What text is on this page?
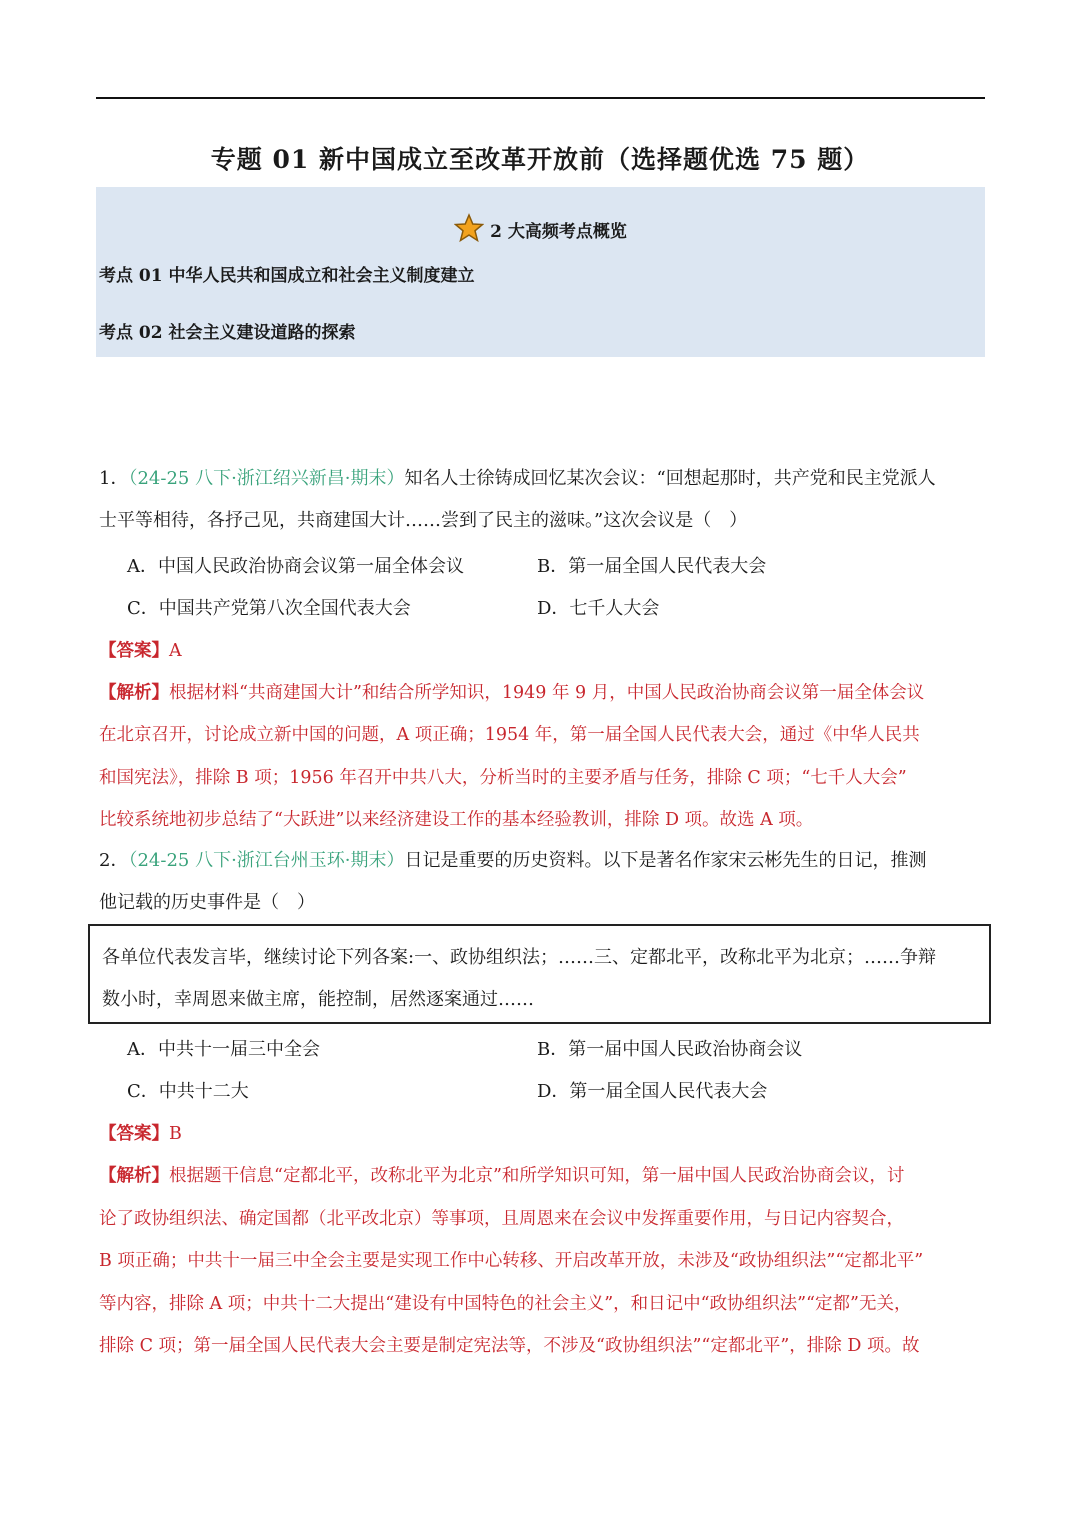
专题 01 新中国成立至改革开放前（选择题优选 75 题）
2 大高频考点概览
考点 01 中华人民共和国成立和社会主义制度建立
考点 02 社会主义建设道路的探索
1．（24-25 八下·浙江绍兴新昌·期末）知名人士徐铸成回忆某次会议：“回想起那时，共产党和民主党派人
士平等相待，各抒己见，共商建国大计……尝到了民主的滋味。”这次会议是（　）
A．中国人民政治协商会议第一届全体会议	B．第一届全国人民代表大会
C．中国共产党第八次全国代表大会	D．七千人大会
【答案】A
【解析】根据材料“共商建国大计”和结合所学知识，1949 年 9 月，中国人民政治协商会议第一届全体会议
在北京召开，讨论成立新中国的问题，A 项正确；1954 年，第一届全国人民代表大会，通过《中华人民共
和国宪法》，排除 B 项；1956 年召开中共八大，分析当时的主要矛盾与任务，排除 C 项；“七千人大会”
比较系统地初步总结了“大跃进”以来经济建设工作的基本经验教训，排除 D 项。故选 A 项。
2．（24-25 八下·浙江台州玉环·期末）日记是重要的历史资料。以下是著名作家宋云彬先生的日记，推测
他记载的历史事件是（　）
各单位代表发言毕，继续讨论下列各案:一、政协组织法；……三、定都北平，改称北平为北京；……争辩
数小时，幸周恩来做主席，能控制，居然逐案通过……
A．中共十一届三中全会	B．第一届中国人民政治协商会议
C．中共十二大	D．第一届全国人民代表大会
【答案】B
【解析】根据题干信息“定都北平，改称北平为北京”和所学知识可知，第一届中国人民政治协商会议，讨
论了政协组织法、确定国都（北平改北京）等事项，且周恩来在会议中发挥重要作用，与日记内容契合，
B 项正确；中共十一届三中全会主要是实现工作中心转移、开启改革开放，未涉及“政协组织法”“定都北平”
等内容，排除 A 项；中共十二大提出“建设有中国特色的社会主义”，和日记中“政协组织法”“定都”无关，
排除 C 项；第一届全国人民代表大会主要是制定宪法等，不涉及“政协组织法”“定都北平”，排除 D 项。故
